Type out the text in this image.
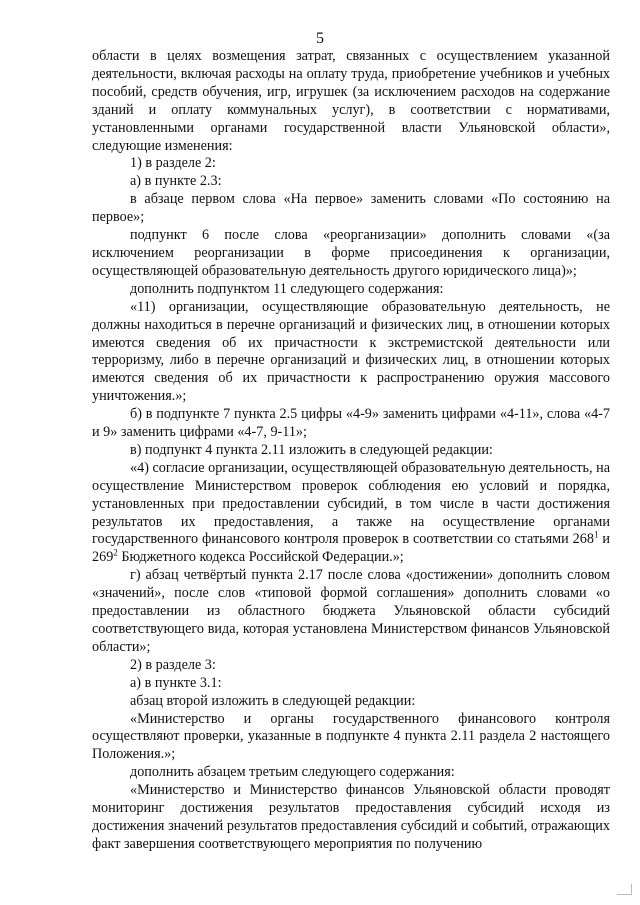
5

области в целях возмещения затрат, связанных с осуществлением указанной деятельности, включая расходы на оплату труда, приобретение учебников и учебных пособий, средств обучения, игр, игрушек (за исключением расходов на содержание зданий и оплату коммунальных услуг), в соответствии с нормативами, установленными органами государственной власти Ульяновской области», следующие изменения:

1) в разделе 2:

а) в пункте 2.3:

в абзаце первом слова «На первое» заменить словами «По состоянию на первое»;

подпункт 6 после слова «реорганизации» дополнить словами «(за исключением реорганизации в форме присоединения к организации, осуществляющей образовательную деятельность другого юридического лица)»;

дополнить подпунктом 11 следующего содержания:

«11) организации, осуществляющие образовательную деятельность, не должны находиться в перечне организаций и физических лиц, в отношении которых имеются сведения об их причастности к экстремистской деятельности или терроризму, либо в перечне организаций и физических лиц, в отношении которых имеются сведения об их причастности к распространению оружия массового уничтожения.»;

б) в подпункте 7 пункта 2.5 цифры «4-9» заменить цифрами «4-11», слова «4-7 и 9» заменить цифрами «4-7, 9-11»;

в) подпункт 4 пункта 2.11 изложить в следующей редакции:

«4) согласие организации, осуществляющей образовательную деятельность, на осуществление Министерством проверок соблюдения ею условий и порядка, установленных при предоставлении субсидий, в том числе в части достижения результатов их предоставления, а также на осуществление органами государственного финансового контроля проверок в соответствии со статьями $268^1$ и $269^2$ Бюджетного кодекса Российской Федерации.»;

г) абзац четвёртый пункта 2.17 после слова «достижении» дополнить словом «значений», после слов «типовой формой соглашения» дополнить словами «о предоставлении из областного бюджета Ульяновской области субсидий соответствующего вида, которая установлена Министерством финансов Ульяновской области»;

2) в разделе 3:

а) в пункте 3.1:

абзац второй изложить в следующей редакции:

«Министерство и органы государственного финансового контроля осуществляют проверки, указанные в подпункте 4 пункта 2.11 раздела 2 настоящего Положения.»;

дополнить абзацем третьим следующего содержания:

«Министерство и Министерство финансов Ульяновской области проводят мониторинг достижения результатов предоставления субсидий исходя из достижения значений результатов предоставления субсидий и событий, отражающих факт завершения соответствующего мероприятия по получению
